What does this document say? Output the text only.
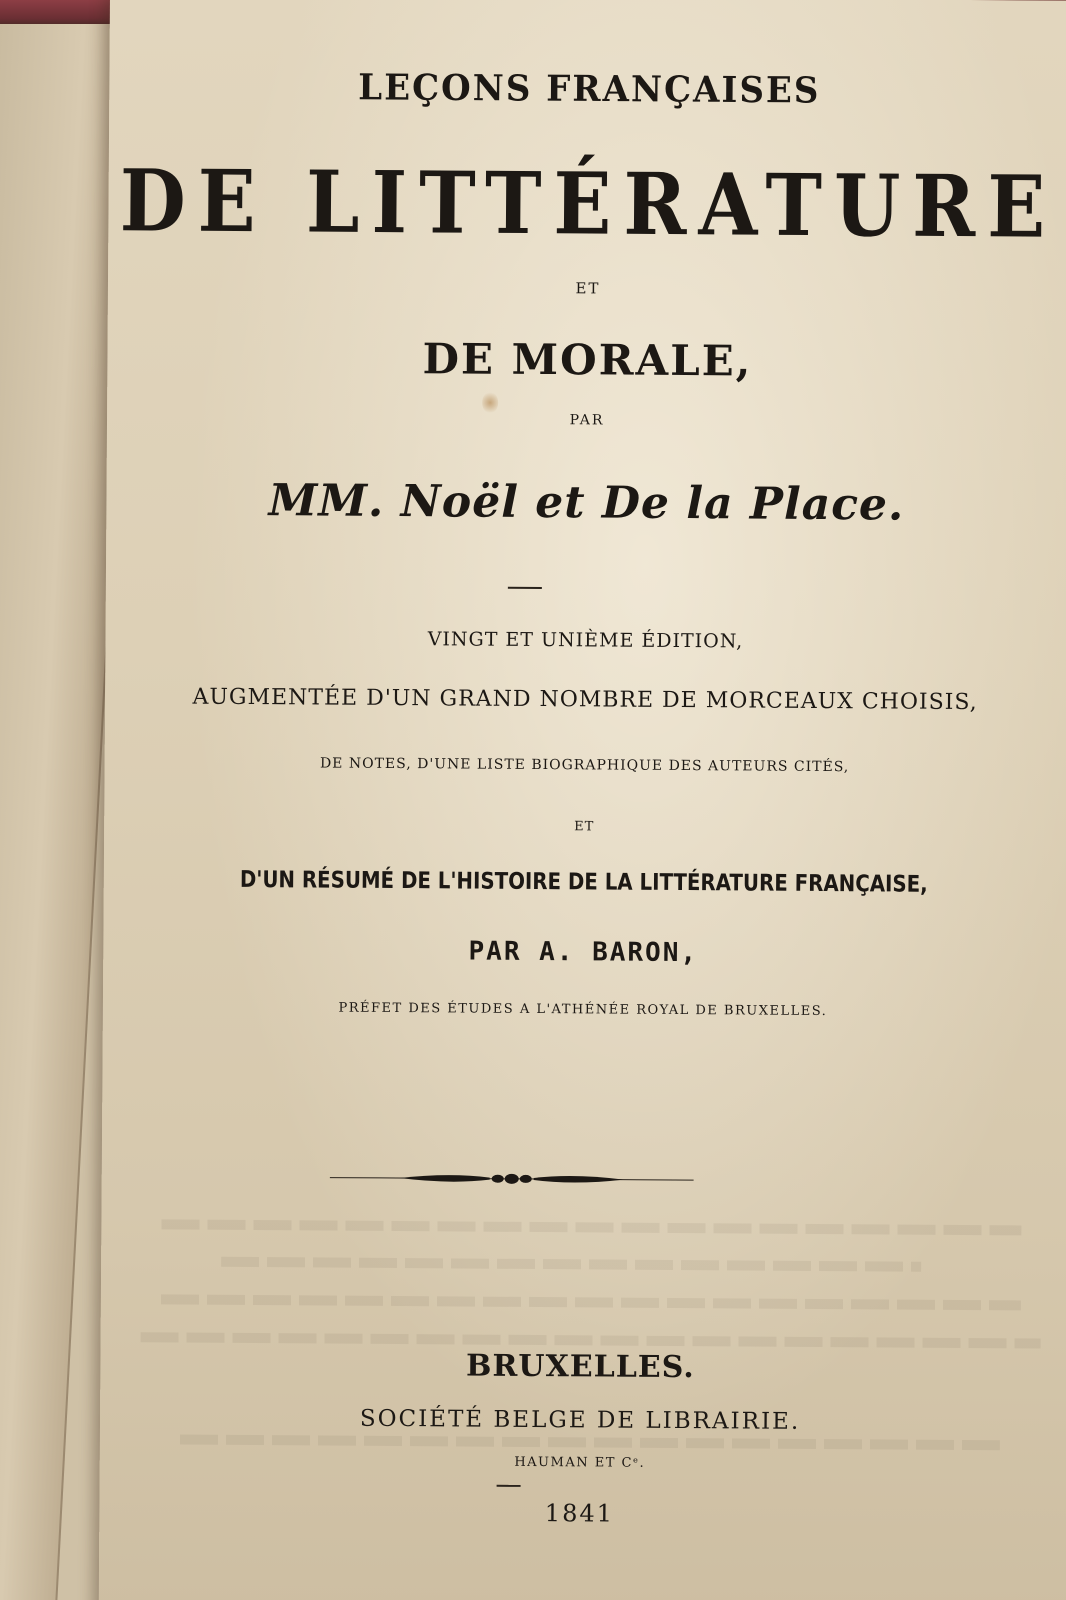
LEÇONS FRANÇAISES
DE LITTÉRATURE
ET
DE MORALE,
PAR
MM. Noël et De la Place.
VINGT ET UNIÈME ÉDITION,
AUGMENTÉE D'UN GRAND NOMBRE DE MORCEAUX CHOISIS,
DE NOTES, D'UNE LISTE BIOGRAPHIQUE DES AUTEURS CITÉS,
ET
D'UN RÉSUMÉ DE L'HISTOIRE DE LA LITTÉRATURE FRANÇAISE,
PAR A. BARON,
PRÉFET DES ÉTUDES A L'ATHÉNÉE ROYAL DE BRUXELLES.
BRUXELLES.
SOCIÉTÉ BELGE DE LIBRAIRIE.
HAUMAN ET Cᵉ.
1841
